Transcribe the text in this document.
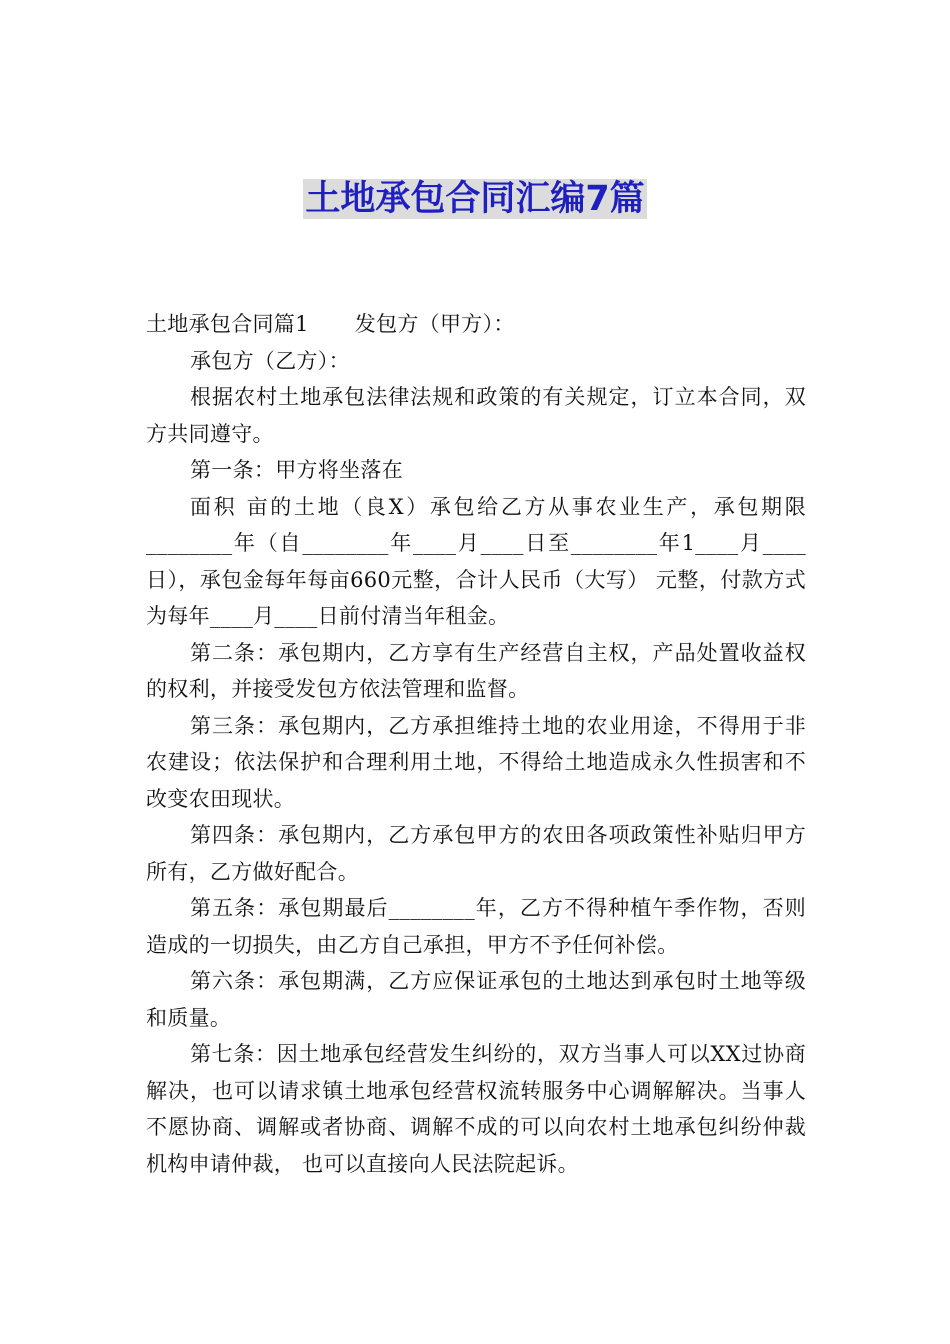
土地承包合同汇编7篇

土地承包合同篇1 发包方（甲方）：

承包方（乙方）：

根据农村土地承包法律法规和政策的有关规定，订立本合同，双方共同遵守。

第一条：甲方将坐落在

面积 亩的土地（良X）承包给乙方从事农业生产，承包期限________年（自________年____月____日至________年1____月____日），承包金每年每亩660元整，合计人民币（大写） 元整，付款方式为每年____月____日前付清当年租金。

第二条：承包期内，乙方享有生产经营自主权，产品处置收益权的权利，并接受发包方依法管理和监督。

第三条：承包期内，乙方承担维持土地的农业用途，不得用于非农建设；依法保护和合理利用土地，不得给土地造成永久性损害和不改变农田现状。

第四条：承包期内，乙方承包甲方的农田各项政策性补贴归甲方所有，乙方做好配合。

第五条：承包期最后________年，乙方不得种植午季作物，否则造成的一切损失，由乙方自己承担，甲方不予任何补偿。

第六条：承包期满，乙方应保证承包的土地达到承包时土地等级和质量。

第七条：因土地承包经营发生纠纷的，双方当事人可以XX过协商解决，也可以请求镇土地承包经营权流转服务中心调解解决。当事人不愿协商、调解或者协商、调解不成的可以向农村土地承包纠纷仲裁机构申请仲裁， 也可以直接向人民法院起诉。
